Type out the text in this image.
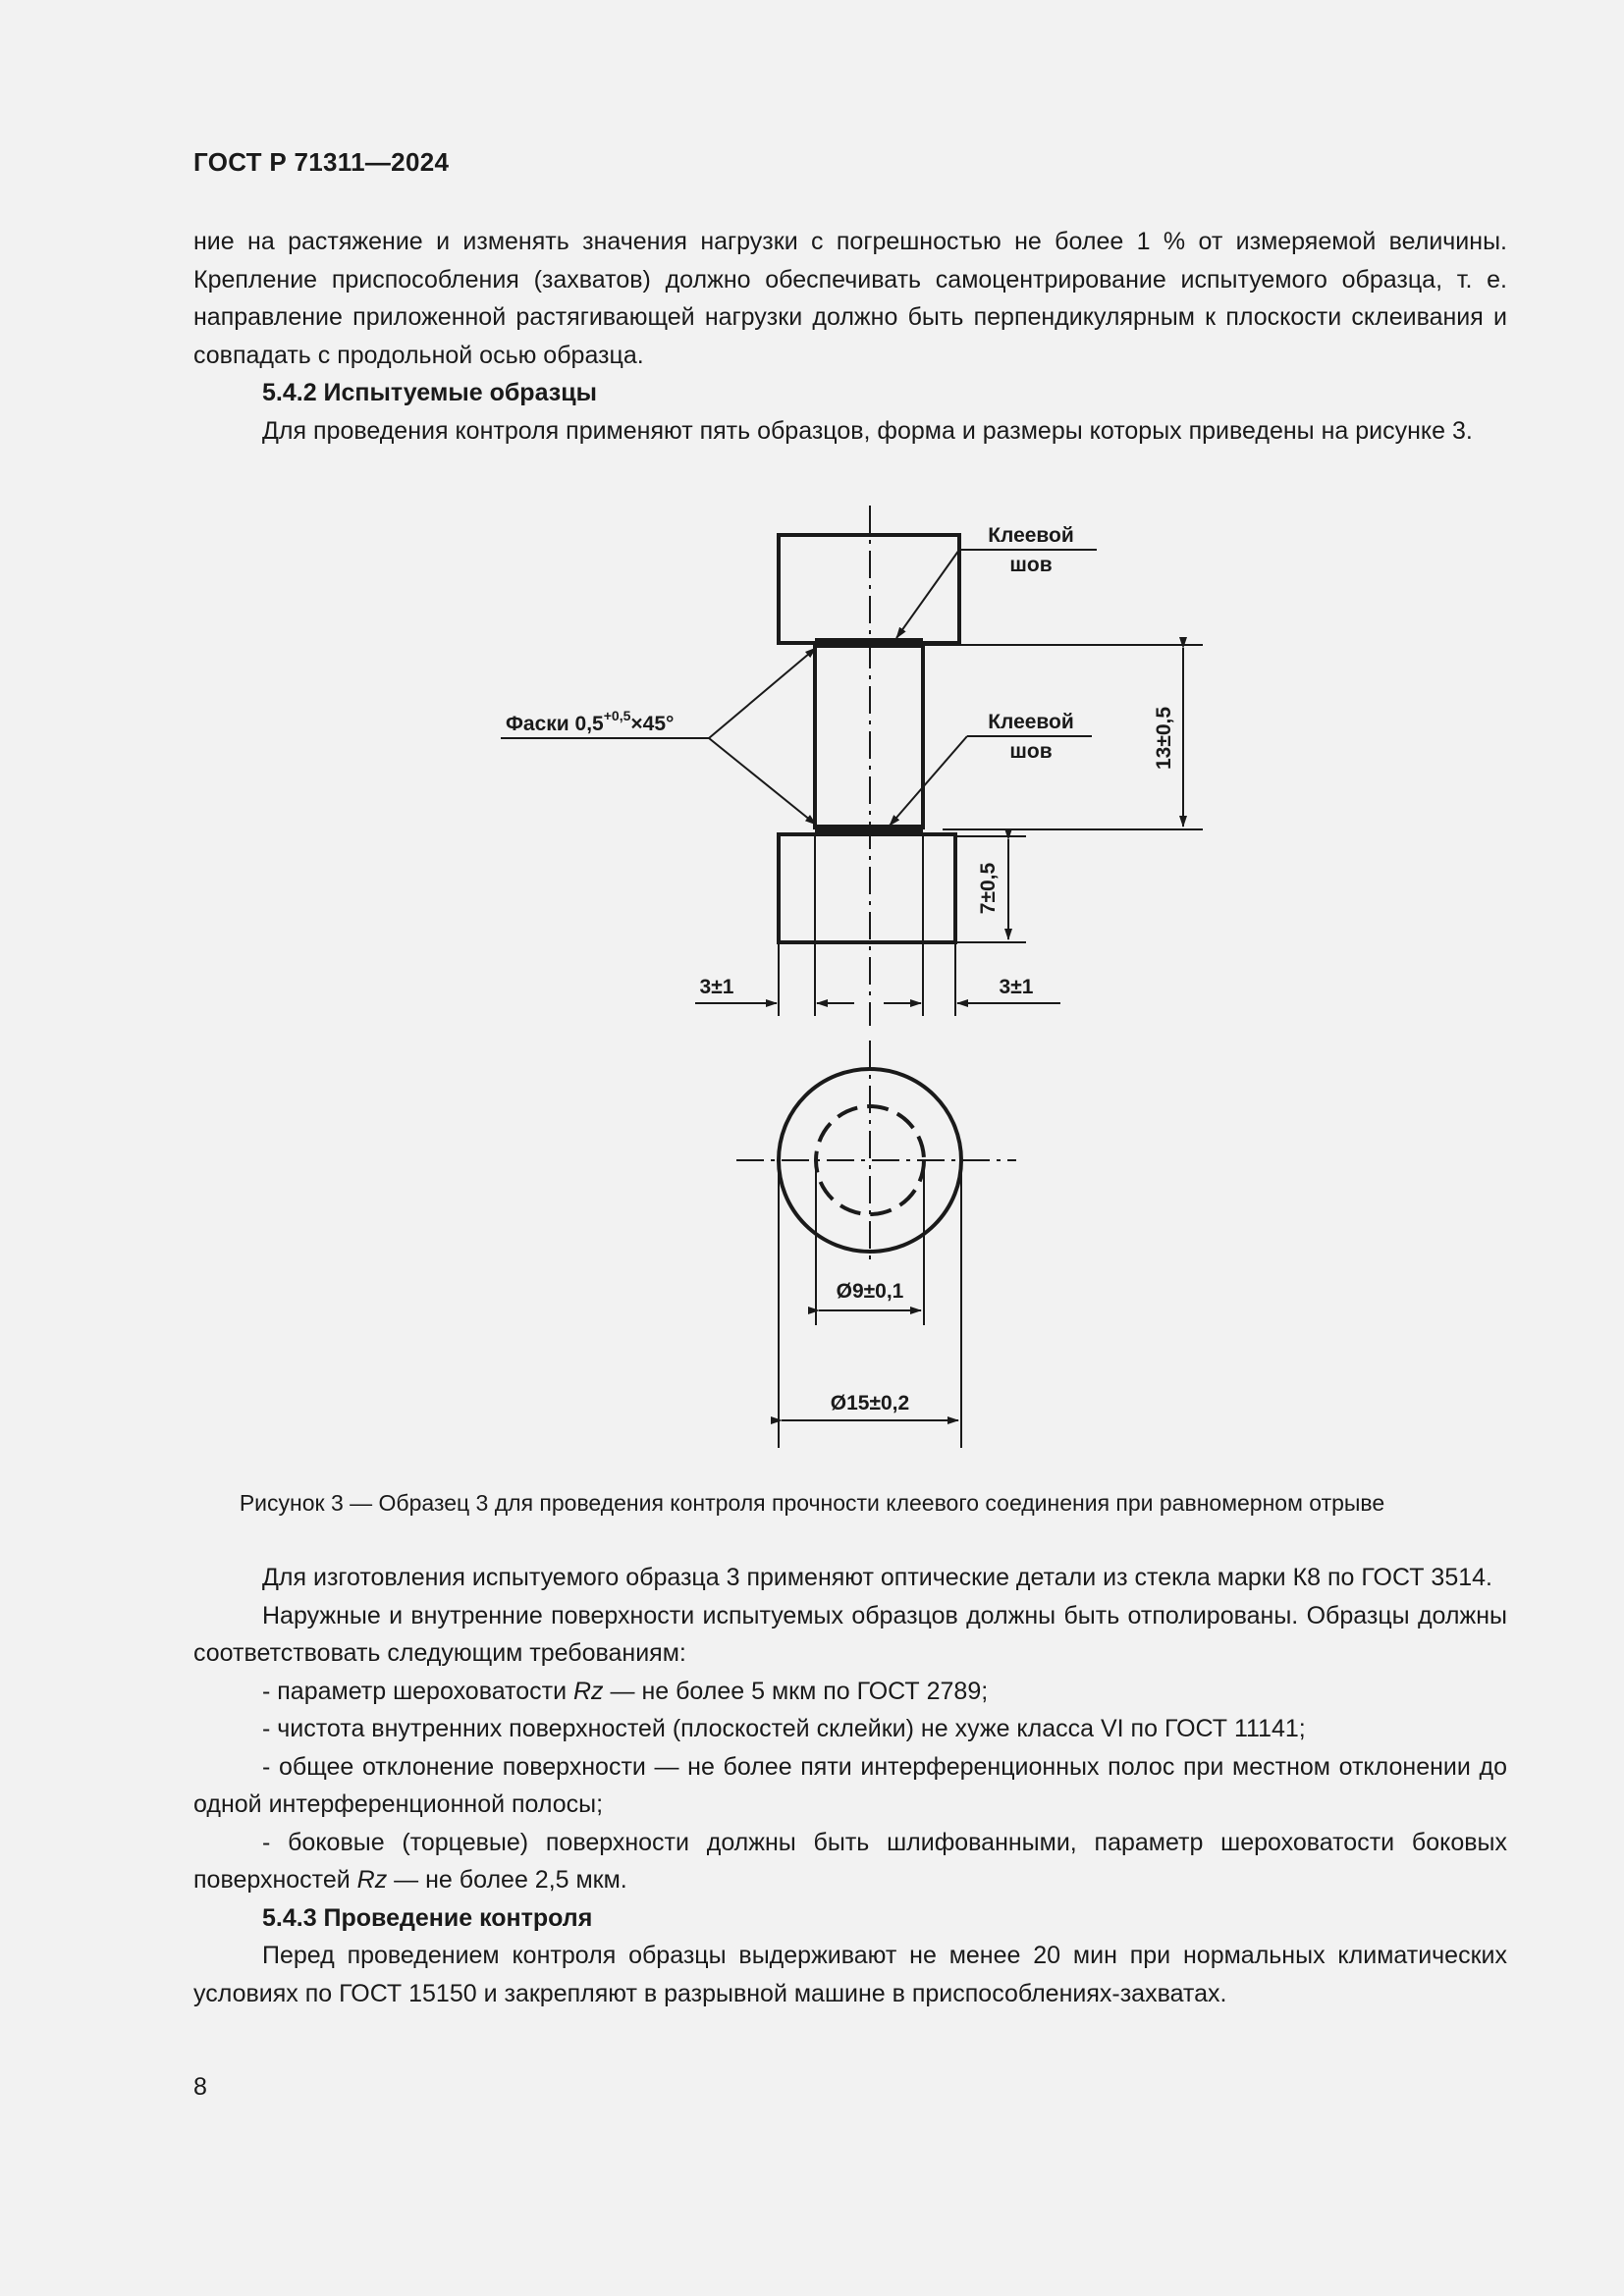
ГОСТ Р 71311—2024

ние на растяжение и изменять значения нагрузки с погрешностью не более 1 % от измеряемой величины. Крепление приспособления (захватов) должно обеспечивать самоцентрирование испытуемого образца, т. е. направление приложенной растягивающей нагрузки должно быть перпендикулярным к плоскости склеивания и совпадать с продольной осью образца.

5.4.2 Испытуемые образцы

Для проведения контроля применяют пять образцов, форма и размеры которых приведены на рисунке 3.

Клеевой
шов
Клеевой
шов
Фаски $0,5^{+0,5}\times 45^\circ$	13±0,5
7±0,5
3±1	3±1
Ø9±0,1
Ø15±0,2
Рисунок 3 — Образец 3 для проведения контроля прочности клеевого соединения при равномерном отрыве

Для изготовления испытуемого образца 3 применяют оптические детали из стекла марки К8 по ГОСТ 3514.

Наружные и внутренние поверхности испытуемых образцов должны быть отполированы. Образцы должны соответствовать следующим требованиям:

- параметр шероховатости Rz — не более 5 мкм по ГОСТ 2789;

- чистота внутренних поверхностей (плоскостей склейки) не хуже класса VI по ГОСТ 11141;

- общее отклонение поверхности — не более пяти интерференционных полос при местном отклонении до одной интерференционной полосы;

- боковые (торцевые) поверхности должны быть шлифованными, параметр шероховатости боковых поверхностей Rz — не более 2,5 мкм.

5.4.3 Проведение контроля

Перед проведением контроля образцы выдерживают не менее 20 мин при нормальных климатических условиях по ГОСТ 15150 и закрепляют в разрывной машине в приспособлениях-захватах.

8
